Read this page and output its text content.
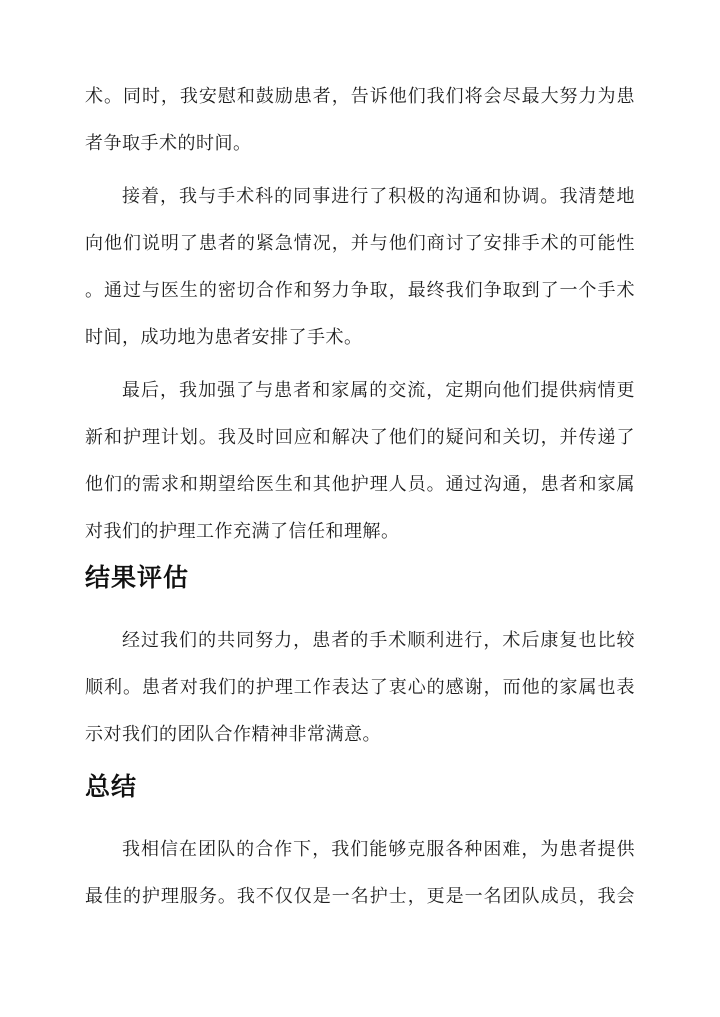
术。同时，我安慰和鼓励患者，告诉他们我们将会尽最大努力为患
者争取手术的时间。
接着，我与手术科的同事进行了积极的沟通和协调。我清楚地
向他们说明了患者的紧急情况，并与他们商讨了安排手术的可能性
。通过与医生的密切合作和努力争取，最终我们争取到了一个手术
时间，成功地为患者安排了手术。
最后，我加强了与患者和家属的交流，定期向他们提供病情更
新和护理计划。我及时回应和解决了他们的疑问和关切，并传递了
他们的需求和期望给医生和其他护理人员。通过沟通，患者和家属
对我们的护理工作充满了信任和理解。
结果评估
经过我们的共同努力，患者的手术顺利进行，术后康复也比较
顺利。患者对我们的护理工作表达了衷心的感谢，而他的家属也表
示对我们的团队合作精神非常满意。
总结
我相信在团队的合作下，我们能够克服各种困难，为患者提供
最佳的护理服务。我不仅仅是一名护士，更是一名团队成员，我会
